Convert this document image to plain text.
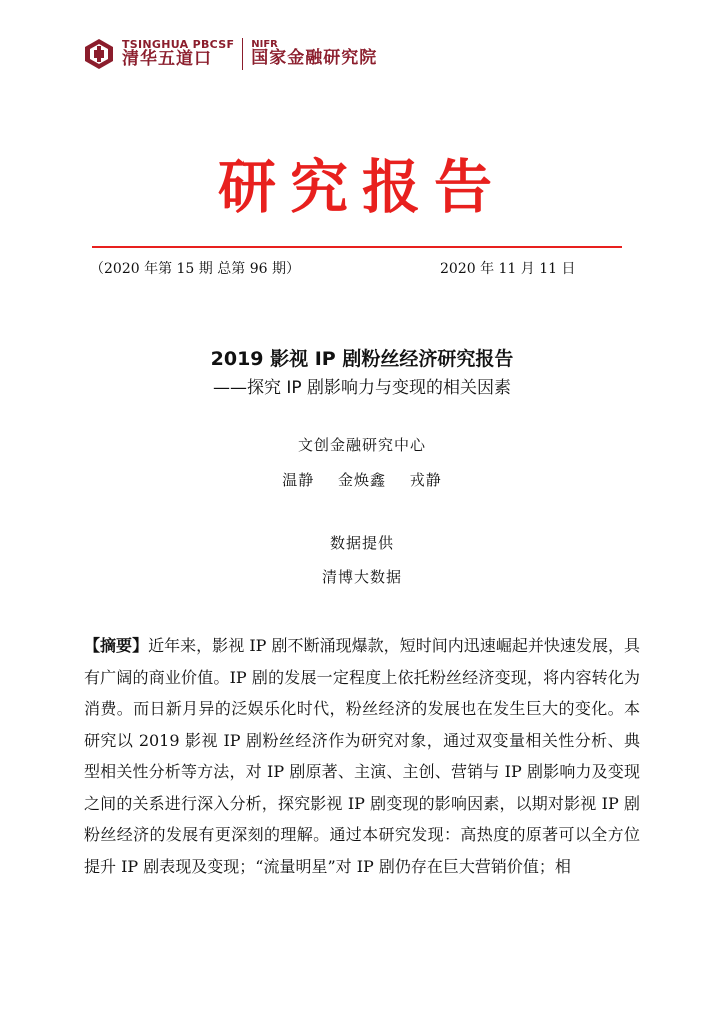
TSINGHUA PBCSF
清华五道口
NIFR
国家金融研究院
研究报告
（2020 年第 15 期 总第 96 期）	2020 年 11 月 11 日
2019 影视 IP 剧粉丝经济研究报告
——探究 IP 剧影响力与变现的相关因素
文创金融研究中心
温静 金焕鑫 戎静
数据提供
清博大数据
【摘要】近年来，影视 IP 剧不断涌现爆款，短时间内迅速崛起并快速发展，具有广阔的商业价值。IP 剧的发展一定程度上依托粉丝经济变现，将内容转化为消费。而日新月异的泛娱乐化时代，粉丝经济的发展也在发生巨大的变化。本研究以 2019 影视 IP 剧粉丝经济作为研究对象，通过双变量相关性分析、典型相关性分析等方法，对 IP 剧原著、主演、主创、营销与 IP 剧影响力及变现之间的关系进行深入分析，探究影视 IP 剧变现的影响因素，以期对影视 IP 剧粉丝经济的发展有更深刻的理解。通过本研究发现：高热度的原著可以全方位提升 IP 剧表现及变现；“流量明星”对 IP 剧仍存在巨大营销价值；相
